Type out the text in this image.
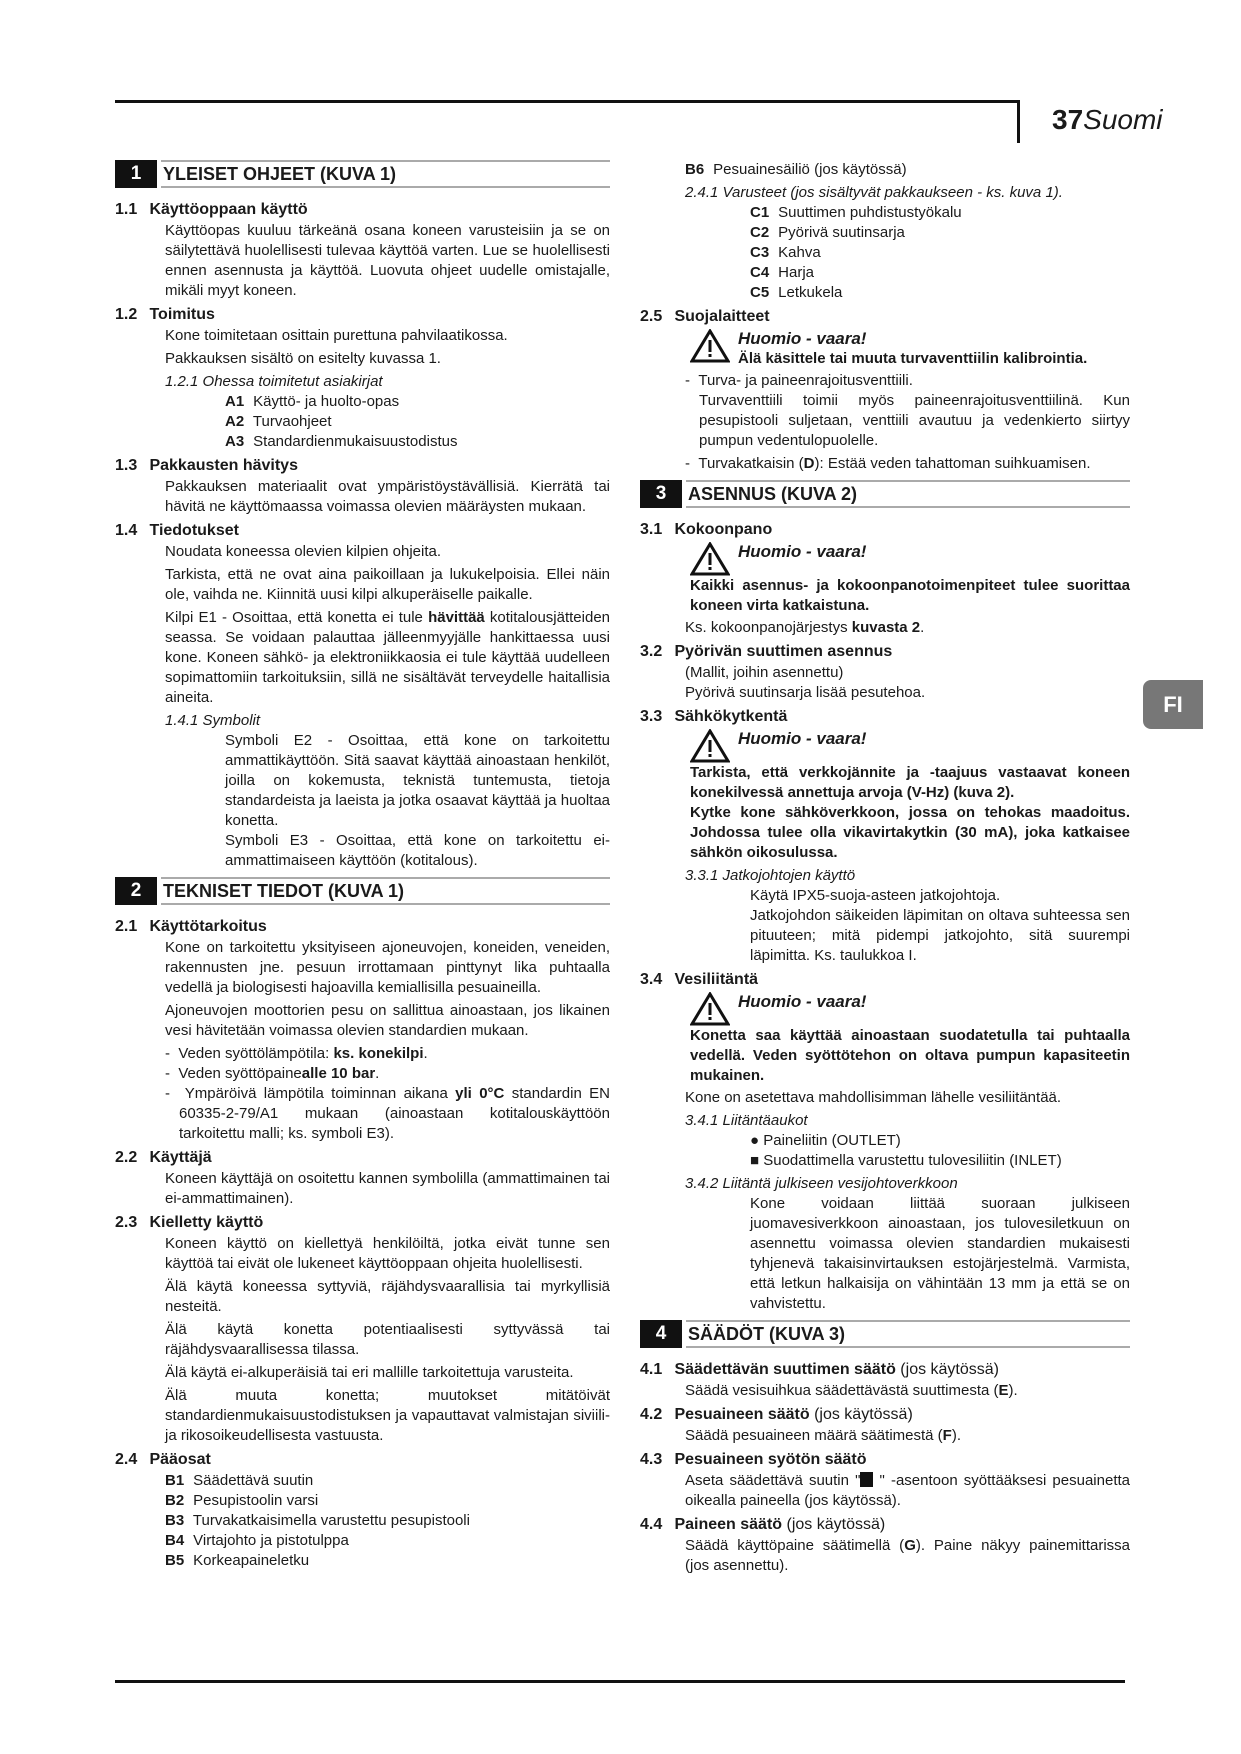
37Suomi
FI
1	YLEISET OHJEET (KUVA 1)
1.1 Käyttöoppaan käyttö
Käyttöopas kuuluu tärkeänä osana koneen varusteisiin ja se on säilytettävä huolellisesti tulevaa käyttöä varten. Lue se huolellisesti ennen asennusta ja käyttöä. Luovuta ohjeet uudelle omistajalle, mikäli myyt koneen.
1.2 Toimitus
Kone toimitetaan osittain purettuna pahvilaatikossa.
Pakkauksen sisältö on esitelty kuvassa 1.
1.2.1 Ohessa toimitetut asiakirjat
A1 Käyttö- ja huolto-opas
A2 Turvaohjeet
A3 Standardienmukaisuustodistus
1.3 Pakkausten hävitys
Pakkauksen materiaalit ovat ympäristöystävällisiä. Kierrätä tai hävitä ne käyttömaassa voimassa olevien määräysten mukaan.
1.4 Tiedotukset
Noudata koneessa olevien kilpien ohjeita.
Tarkista, että ne ovat aina paikoillaan ja lukukelpoisia. Ellei näin ole, vaihda ne. Kiinnitä uusi kilpi alkuperäiselle paikalle.
Kilpi E1 - Osoittaa, että konetta ei tule hävittää kotitalousjätteiden seassa. Se voidaan palauttaa jälleenmyyjälle hankittaessa uusi kone. Koneen sähkö- ja elektroniikkaosia ei tule käyttää uudelleen sopimattomiin tarkoituksiin, sillä ne sisältävät terveydelle haitallisia aineita.
1.4.1 Symbolit
Symboli E2 - Osoittaa, että kone on tarkoitettu ammattikäyttöön. Sitä saavat käyttää ainoastaan henkilöt, joilla on kokemusta, teknistä tuntemusta, tietoja standardeista ja laeista ja jotka osaavat käyttää ja huoltaa konetta.
Symboli E3 - Osoittaa, että kone on tarkoitettu ei-ammattimaiseen käyttöön (kotitalous).
2	TEKNISET TIEDOT (KUVA 1)
2.1 Käyttötarkoitus
Kone on tarkoitettu yksityiseen ajoneuvojen, koneiden, veneiden, rakennusten jne. pesuun irrottamaan pinttynyt lika puhtaalla vedellä ja biologisesti hajoavilla kemiallisilla pesuaineilla.
Ajoneuvojen moottorien pesu on sallittua ainoastaan, jos likainen vesi hävitetään voimassa olevien standardien mukaan.
-  Veden syöttölämpötila: ks. konekilpi.
-  Veden syöttöpainealle 10 bar.
-  Ympäröivä lämpötila toiminnan aikana yli 0°C standardin EN 60335-2-79/A1 mukaan (ainoastaan kotitalouskäyttöön tarkoitettu malli; ks. symboli E3).
2.2 Käyttäjä
Koneen käyttäjä on osoitettu kannen symbolilla (ammattimainen tai ei-ammattimainen).
2.3 Kielletty käyttö
Koneen käyttö on kiellettyä henkilöiltä, jotka eivät tunne sen käyttöä tai eivät ole lukeneet käyttöoppaan ohjeita huolellisesti.
Älä käytä koneessa syttyviä, räjähdysvaarallisia tai myrkyllisiä nesteitä.
Älä käytä konetta potentiaalisesti syttyvässä tai räjähdysvaarallisessa tilassa.
Älä käytä ei-alkuperäisiä tai eri mallille tarkoitettuja varusteita.
Älä muuta konetta; muutokset mitätöivät standardienmukaisuustodistuksen ja vapauttavat valmistajan siviili- ja rikosoikeudellisesta vastuusta.
2.4 Pääosat
B1 Säädettävä suutin
B2 Pesupistoolin varsi
B3 Turvakatkaisimella varustettu pesupistooli
B4 Virtajohto ja pistotulppa
B5 Korkeapaineletku
B6 Pesuainesäiliö (jos käytössä)
2.4.1 Varusteet (jos sisältyvät pakkaukseen - ks. kuva 1).
C1 Suuttimen puhdistustyökalu
C2 Pyörivä suutinsarja
C3 Kahva
C4 Harja
C5 Letkukela
2.5 Suojalaitteet
Huomio - vaara!
Älä käsittele tai muuta turvaventtiilin kalibrointia.
-  Turva- ja paineenrajoitusventtiili.
Turvaventtiili toimii myös paineenrajoitusventtiilinä. Kun pesupistooli suljetaan, venttiili avautuu ja vedenkierto siirtyy pumpun vedentulopuolelle.
-  Turvakatkaisin (D): Estää veden tahattoman suihkuamisen.
3	ASENNUS (KUVA 2)
3.1 Kokoonpano
Huomio - vaara!
Kaikki asennus- ja kokoonpanotoimenpiteet tulee suorittaa koneen virta katkaistuna.
Ks. kokoonpanojärjestys kuvasta 2.
3.2 Pyörivän suuttimen asennus
(Mallit, joihin asennettu)
Pyörivä suutinsarja lisää pesutehoa.
3.3 Sähkökytkentä
Huomio - vaara!
Tarkista, että verkkojännite ja -taajuus vastaavat koneen konekilvessä annettuja arvoja (V-Hz) (kuva 2).
Kytke kone sähköverkkoon, jossa on tehokas maadoitus. Johdossa tulee olla vikavirtakytkin (30 mA), joka katkaisee sähkön oikosulussa.
3.3.1 Jatkojohtojen käyttö
Käytä IPX5-suoja-asteen jatkojohtoja.
Jatkojohdon säikeiden läpimitan on oltava suhteessa sen pituuteen; mitä pidempi jatkojohto, sitä suurempi läpimitta. Ks. taulukkoa I.
3.4 Vesiliitäntä
Huomio - vaara!
Konetta saa käyttää ainoastaan suodatetulla tai puhtaalla vedellä. Veden syöttötehon on oltava pumpun kapasiteetin mukainen.
Kone on asetettava mahdollisimman lähelle vesiliitäntää.
3.4.1 Liitäntäaukot
● Paineliitin (OUTLET)
■ Suodattimella varustettu tulovesiliitin (INLET)
3.4.2 Liitäntä julkiseen vesijohtoverkkoon
Kone voidaan liittää suoraan julkiseen juomavesiverkkoon ainoastaan, jos tulovesiletkuun on asennettu voimassa olevien standardien mukaisesti tyhjenevä takaisinvirtauksen estojärjestelmä. Varmista, että letkun halkaisija on vähintään 13 mm ja että se on vahvistettu.
4	SÄÄDÖT (KUVA 3)
4.1 Säädettävän suuttimen säätö (jos käytössä)
Säädä vesisuihkua säädettävästä suuttimesta (E).
4.2 Pesuaineen säätö (jos käytössä)
Säädä pesuaineen määrä säätimestä (F).
4.3 Pesuaineen syötön säätö
Aseta säädettävä suutin " " -asentoon syöttääksesi pesuainetta oikealla paineella (jos käytössä).
4.4 Paineen säätö (jos käytössä)
Säädä käyttöpaine säätimellä (G). Paine näkyy painemittarissa (jos asennettu).
